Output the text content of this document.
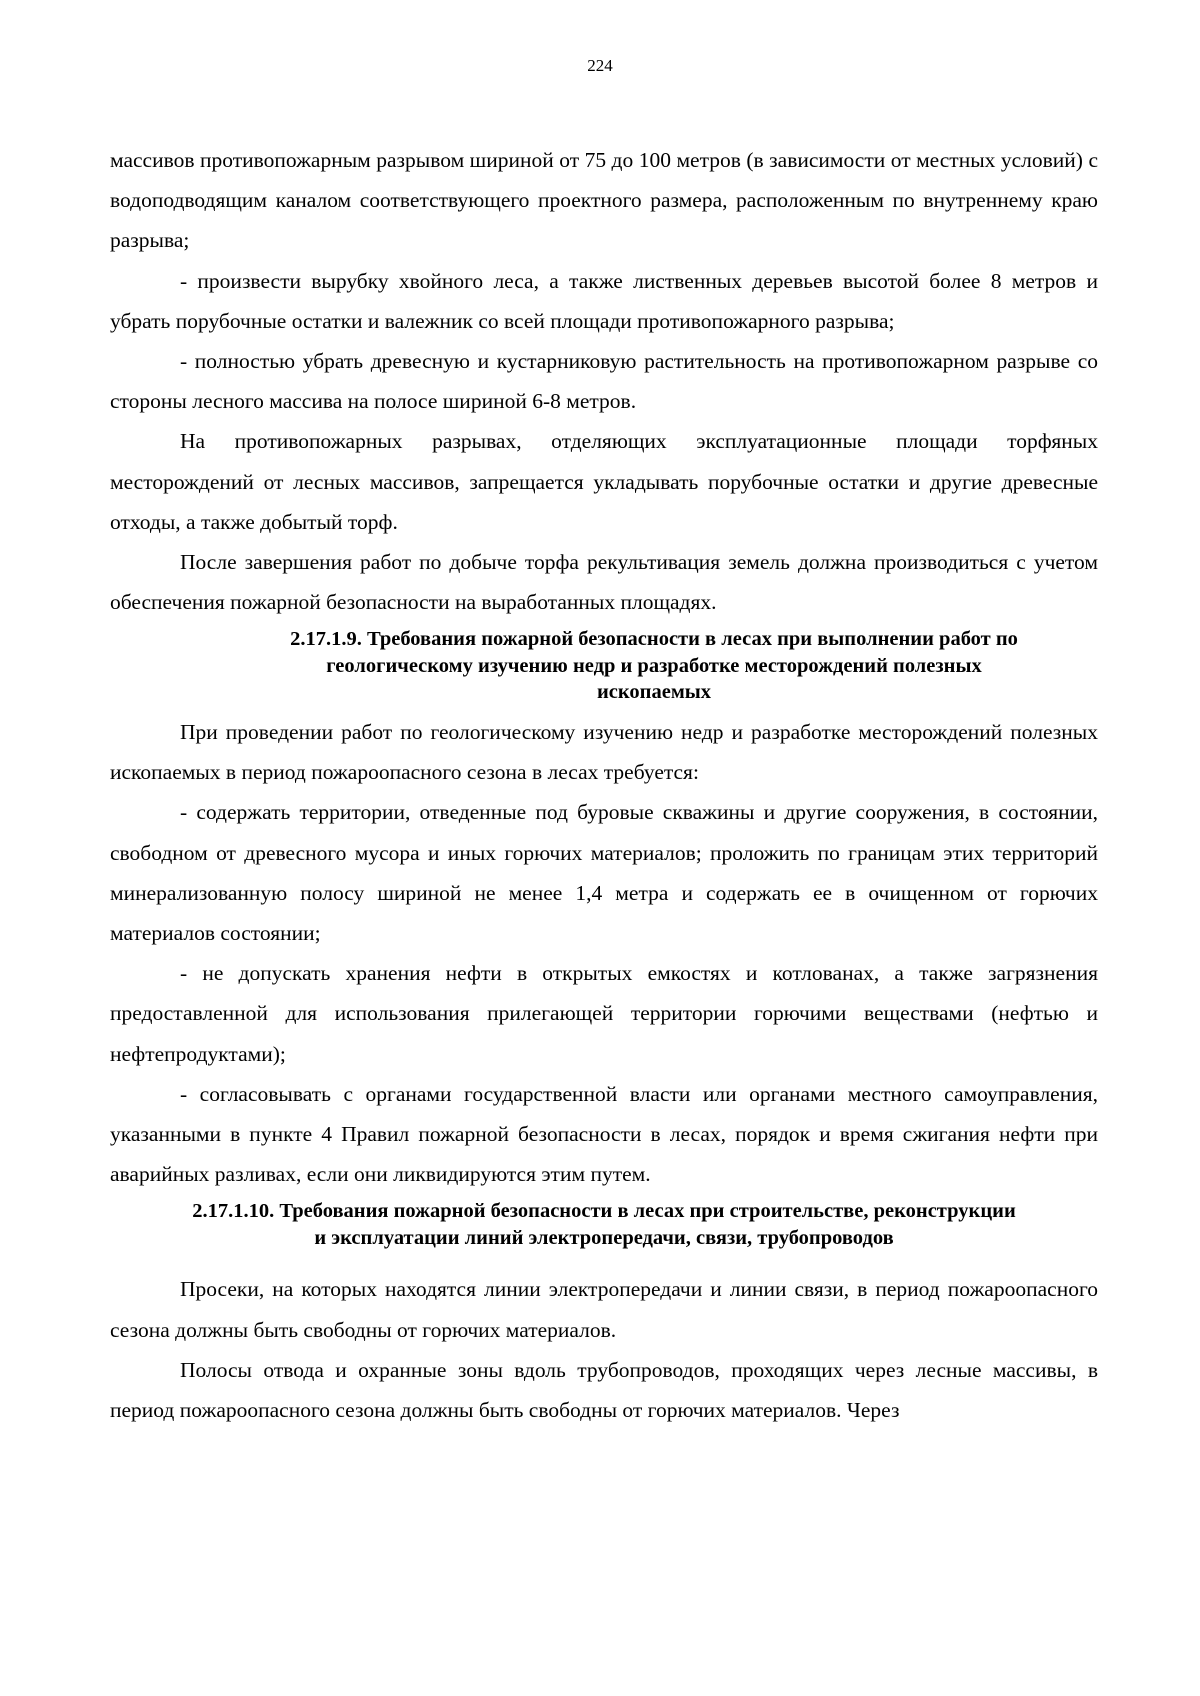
224

массивов противопожарным разрывом шириной от 75 до 100 метров (в зависимости от местных условий) с водоподводящим каналом соответствующего проектного размера, расположенным по внутреннему краю разрыва;

- произвести вырубку хвойного леса, а также лиственных деревьев высотой более 8 метров и убрать порубочные остатки и валежник со всей площади противопожарного разрыва;

- полностью убрать древесную и кустарниковую растительность на противопожарном разрыве со стороны лесного массива на полосе шириной 6-8 метров.

На противопожарных разрывах, отделяющих эксплуатационные площади торфяных месторождений от лесных массивов, запрещается укладывать порубочные остатки и другие древесные отходы, а также добытый торф.

После завершения работ по добыче торфа рекультивация земель должна производиться с учетом обеспечения пожарной безопасности на выработанных площадях.

2.17.1.9. Требования пожарной безопасности в лесах при выполнении работ по
геологическому изучению недр и разработке месторождений полезных
ископаемых

При проведении работ по геологическому изучению недр и разработке месторождений полезных ископаемых в период пожароопасного сезона в лесах требуется:

- содержать территории, отведенные под буровые скважины и другие сооружения, в состоянии, свободном от древесного мусора и иных горючих материалов; проложить по границам этих территорий минерализованную полосу шириной не менее 1,4 метра и содержать ее в очищенном от горючих материалов состоянии;

- не допускать хранения нефти в открытых емкостях и котлованах, а также загрязнения предоставленной для использования прилегающей территории горючими веществами (нефтью и нефтепродуктами);

- согласовывать с органами государственной власти или органами местного самоуправления, указанными в пункте 4 Правил пожарной безопасности в лесах, порядок и время сжигания нефти при аварийных разливах, если они ликвидируются этим путем.

2.17.1.10. Требования пожарной безопасности в лесах при строительстве, реконструкции
и эксплуатации линий электропередачи, связи, трубопроводов

Просеки, на которых находятся линии электропередачи и линии связи, в период пожароопасного сезона должны быть свободны от горючих материалов.

Полосы отвода и охранные зоны вдоль трубопроводов, проходящих через лесные массивы, в период пожароопасного сезона должны быть свободны от горючих материалов. Через
